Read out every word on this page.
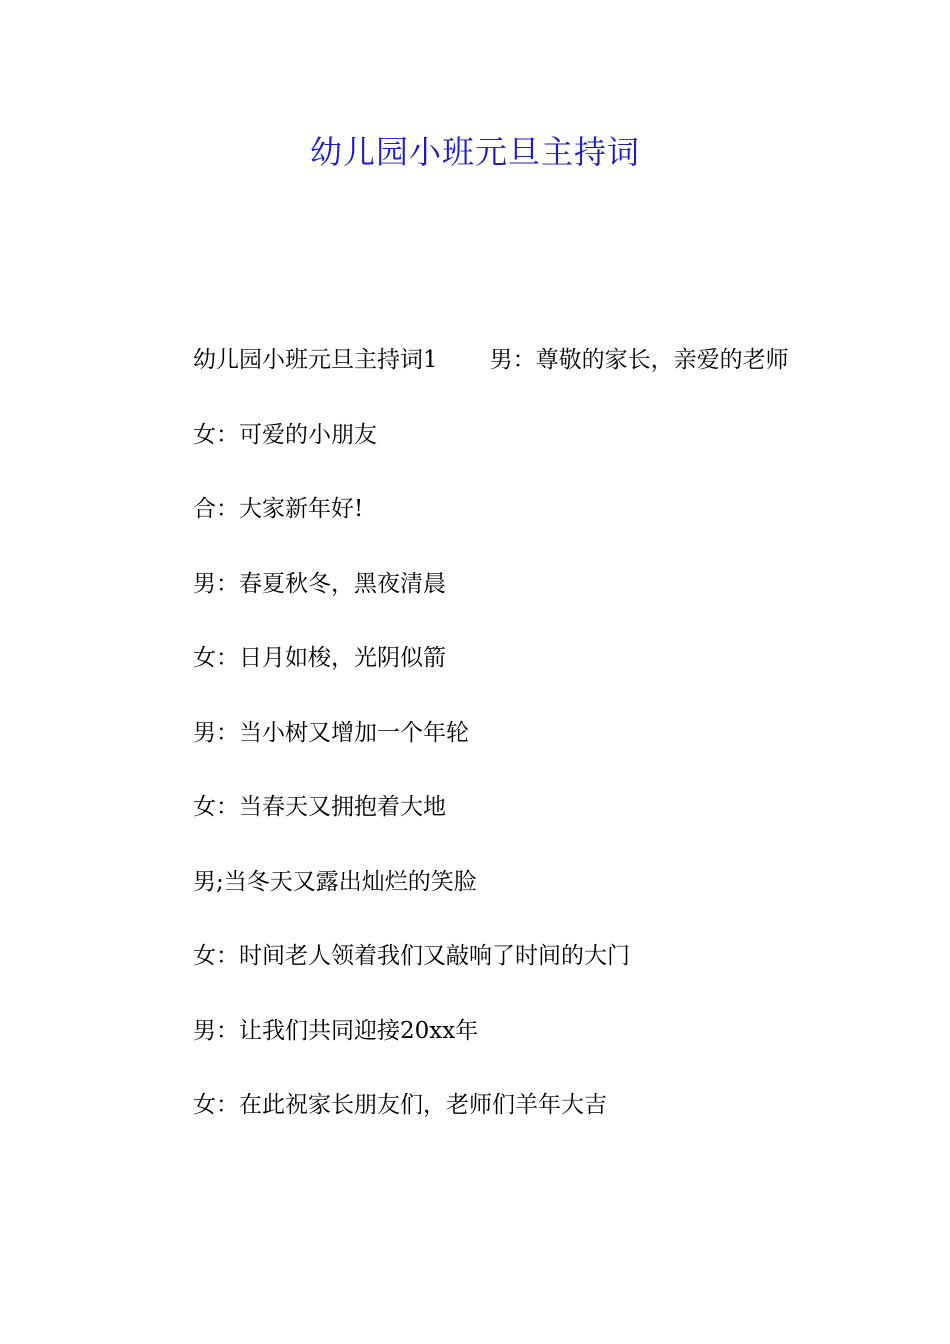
幼儿园小班元旦主持词

幼儿园小班元旦主持词1 男：尊敬的家长，亲爱的老师

女：可爱的小朋友

合：大家新年好!

男：春夏秋冬，黑夜清晨

女：日月如梭，光阴似箭

男：当小树又增加一个年轮

女：当春天又拥抱着大地

男;当冬天又露出灿烂的笑脸

女：时间老人领着我们又敲响了时间的大门

男：让我们共同迎接20xx年

女：在此祝家长朋友们，老师们羊年大吉
